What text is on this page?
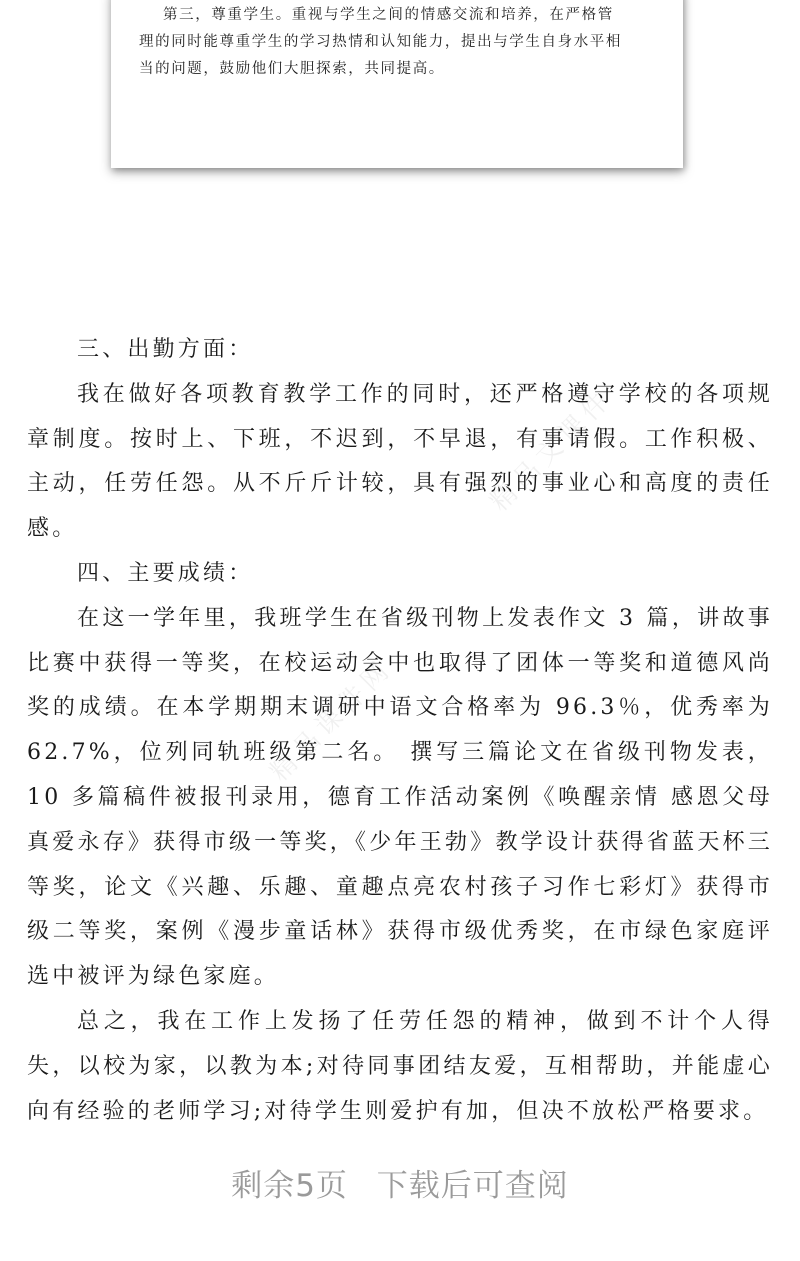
第三，尊重学生。重视与学生之间的情感交流和培养，在严格管

理的同时能尊重学生的学习热情和认知能力，提出与学生自身水平相

当的问题，鼓励他们大胆探索，共同提高。

精品文课件
精品课件网

三、出勤方面：

我在做好各项教育教学工作的同时，还严格遵守学校的各项规章制度。按时上、下班，不迟到，不早退，有事请假。工作积极、主动，任劳任怨。从不斤斤计较，具有强烈的事业心和高度的责任感。

四、主要成绩：

在这一学年里，我班学生在省级刊物上发表作文 3 篇，讲故事比赛中获得一等奖，在校运动会中也取得了团体一等奖和道德风尚奖的成绩。在本学期期末调研中语文合格率为 96.3％，优秀率为 62.7%，位列同轨班级第二名。 撰写三篇论文在省级刊物发表，10 多篇稿件被报刊录用，德育工作活动案例《唤醒亲情 感恩父母 真爱永存》获得市级一等奖，《少年王勃》教学设计获得省蓝天杯三等奖，论文《兴趣、乐趣、童趣点亮农村孩子习作七彩灯》获得市级二等奖，案例《漫步童话林》获得市级优秀奖，在市绿色家庭评选中被评为绿色家庭。

总之，我在工作上发扬了任劳任怨的精神，做到不计个人得失，以校为家，以教为本;对待同事团结友爱，互相帮助，并能虚心向有经验的老师学习;对待学生则爱护有加，但决不放松严格要求。

剩余5页 下载后可查阅
